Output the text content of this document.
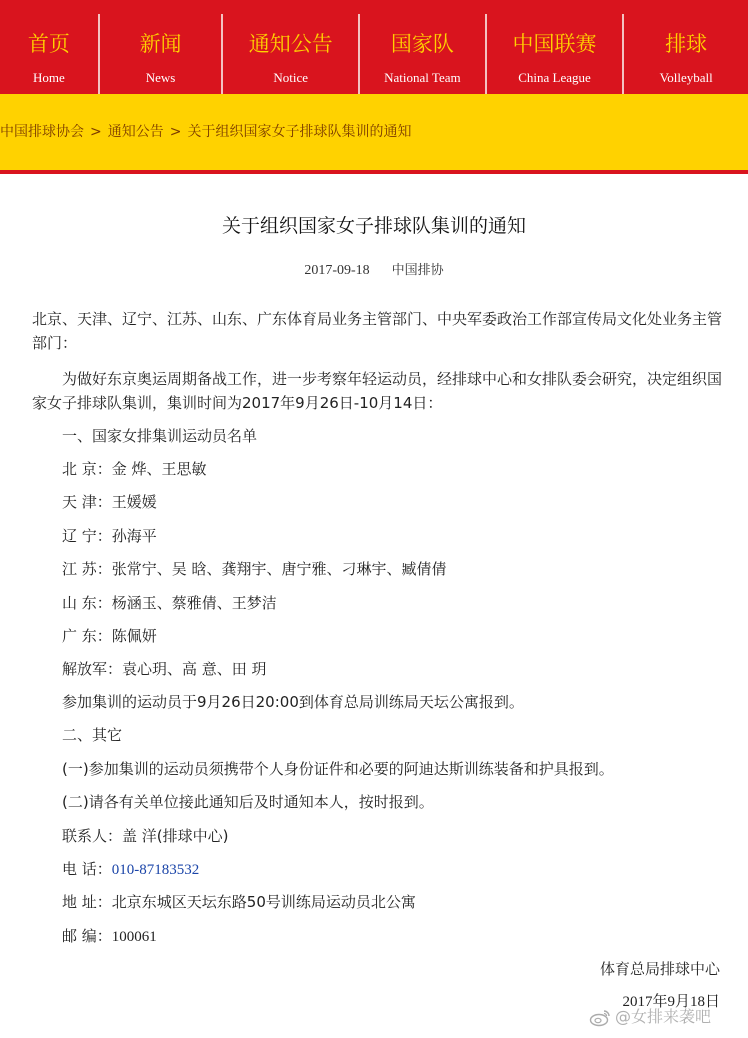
首页
Home
新闻
News
通知公告
Notice
国家队
National Team
中国联赛
China League
排球
Volleyball
中国排球协会 > 通知公告 > 关于组织国家女子排球队集训的通知
关于组织国家女子排球队集训的通知
2017-09-18 中国排协
北京、天津、辽宁、江苏、山东、广东体育局业务主管部门、中央军委政治工作部宣传局文化处业务主管部门：
为做好东京奥运周期备战工作，进一步考察年轻运动员，经排球中心和女排队委会研究，决定组织国家女子排球队集训，集训时间为2017年9月26日-10月14日：
一、国家女排集训运动员名单
北 京：金 烨、王思敏
天 津：王媛媛
辽 宁：孙海平
江 苏：张常宁、吴 晗、龚翔宇、唐宁雅、刁琳宇、臧倩倩
山 东：杨涵玉、蔡雅倩、王梦洁
广 东：陈佩妍
解放军：袁心玥、高 意、田 玥
参加集训的运动员于9月26日20:00到体育总局训练局天坛公寓报到。
二、其它
(一)参加集训的运动员须携带个人身份证件和必要的阿迪达斯训练装备和护具报到。
(二)请各有关单位接此通知后及时通知本人，按时报到。
联系人：盖 洋(排球中心)
电 话：010-87183532
地 址：北京东城区天坛东路50号训练局运动员北公寓
邮 编：100061
体育总局排球中心
2017年9月18日
@女排来袭吧
